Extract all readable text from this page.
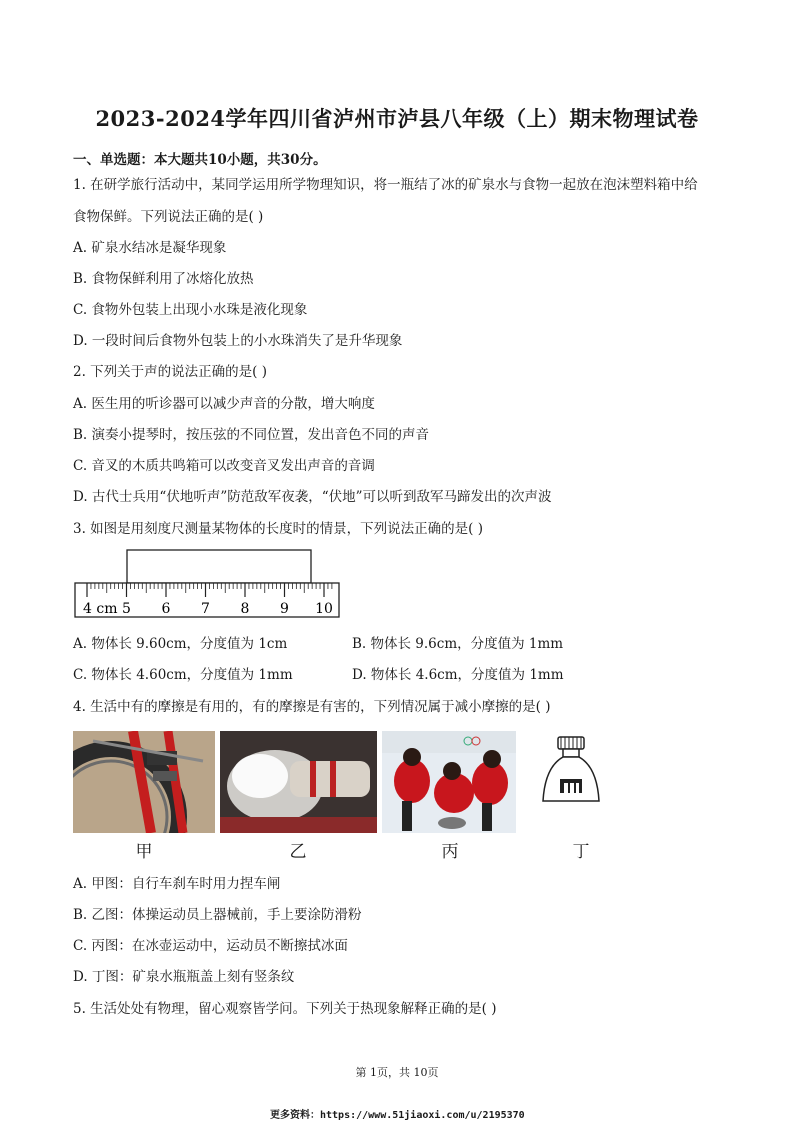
2023-2024学年四川省泸州市泸县八年级（上）期末物理试卷
一、单选题：本大题共10小题，共30分。
1. 在研学旅行活动中，某同学运用所学物理知识，将一瓶结了冰的矿泉水与食物一起放在泡沫塑料箱中给
食物保鲜。下列说法正确的是( )
A. 矿泉水结冰是凝华现象
B. 食物保鲜利用了冰熔化放热
C. 食物外包装上出现小水珠是液化现象
D. 一段时间后食物外包装上的小水珠消失了是升华现象
2. 下列关于声的说法正确的是( )
A. 医生用的听诊器可以减少声音的分散，增大响度
B. 演奏小提琴时，按压弦的不同位置，发出音色不同的声音
C. 音叉的木质共鸣箱可以改变音叉发出声音的音调
D. 古代士兵用“伏地听声”防范敌军夜袭，“伏地”可以听到敌军马蹄发出的次声波
3. 如图是用刻度尺测量某物体的长度时的情景，下列说法正确的是( )
4 cm 5 6 7 8 9 10
A. 物体长 9.60cm，分度值为 1cm	B. 物体长 9.6cm，分度值为 1mm
C. 物体长 4.60cm，分度值为 1mm	D. 物体长 4.6cm，分度值为 1mm
4. 生活中有的摩擦是有用的，有的摩擦是有害的，下列情况属于减小摩擦的是( )
甲	乙	丙	丁
A. 甲图：自行车刹车时用力捏车闸
B. 乙图：体操运动员上器械前，手上要涂防滑粉
C. 丙图：在冰壶运动中，运动员不断擦拭冰面
D. 丁图：矿泉水瓶瓶盖上刻有竖条纹
5. 生活处处有物理，留心观察皆学问。下列关于热现象解释正确的是( )
第 1页，共 10页
更多资料：https://www.51jiaoxi.com/u/2195370
